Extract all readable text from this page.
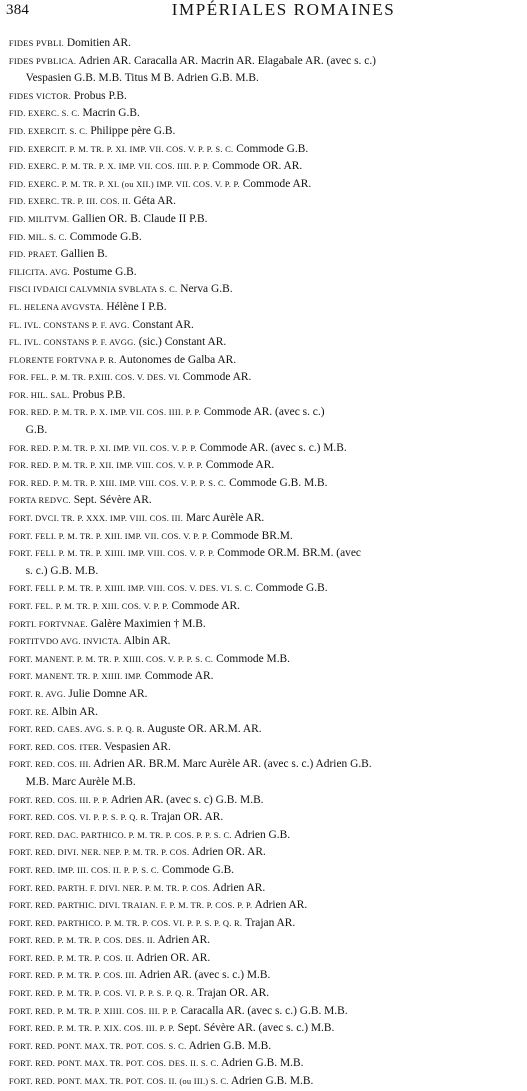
384	IMPÉRIALES ROMAINES
FIDES PVBLI. Domitien AR.
FIDES PVBLICA. Adrien AR. Caracalla AR. Macrin AR. Elagabale AR. (avec s. c.)
Vespasien G.B. M.B. Titus M B. Adrien G.B. M.B.
FIDES VICTOR. Probus P.B.
FID. EXERC. S. C. Macrin G.B.
FID. EXERCIT. S. C. Philippe père G.B.
FID. EXERCIT. P. M. TR. P. XI. IMP. VII. COS. V. P. P. S. C. Commode G.B.
FID. EXERC. P. M. TR. P. X. IMP. VII. COS. IIII. P. P. Commode OR. AR.
FID. EXERC. P. M. TR. P. XI. (ou XII.) IMP. VII. COS. V. P. P. Commode AR.
FID. EXERC. TR. P. III. COS. II. Géta AR.
FID. MILITVM. Gallien OR. B. Claude II P.B.
FID. MIL. S. C. Commode G.B.
FID. PRAET. Gallien B.
FILICITA. AVG. Postume G.B.
FISCI IVDAICI CALVMNIA SVBLATA S. C. Nerva G.B.
FL. HELENA AVGVSTA. Hélène I P.B.
FL. IVL. CONSTANS P. F. AVG. Constant AR.
FL. IVL. CONSTANS P. F. AVGG. (sic.) Constant AR.
FLORENTE FORTVNA P. R. Autonomes de Galba AR.
FOR. FEL. P. M. TR. P.XIII. COS. V. DES. VI. Commode AR.
FOR. HIL. SAL. Probus P.B.
FOR. RED. P. M. TR. P. X. IMP. VII. COS. IIII. P. P. Commode AR. (avec s. c.)
G.B.
FOR. RED. P. M. TR. P. XI. IMP. VII. COS. V. P. P. Commode AR. (avec s. c.) M.B.
FOR. RED. P. M. TR. P. XII. IMP. VIII. COS. V. P. P. Commode AR.
FOR. RED. P. M. TR. P. XIII. IMP. VIII. COS. V. P. P. S. C. Commode G.B. M.B.
FORTA REDVC. Sept. Sévère AR.
FORT. DVCI. TR. P. XXX. IMP. VIII. COS. III. Marc Aurèle AR.
FORT. FELI. P. M. TR. P. XIII. IMP. VII. COS. V. P. P. Commode BR.M.
FORT. FELI. P. M. TR. P. XIIII. IMP. VIII. COS. V. P. P. Commode OR.M. BR.M. (avec
s. c.) G.B. M.B.
FORT. FELI. P. M. TR. P. XIIII. IMP. VIII. COS. V. DES. VI. S. C. Commode G.B.
FORT. FEL. P. M. TR. P. XIII. COS. V. P. P. Commode AR.
FORTI. FORTVNAE. Galère Maximien † M.B.
FORTITVDO AVG. INVICTA. Albin AR.
FORT. MANENT. P. M. TR. P. XIIII. COS. V. P. P. S. C. Commode M.B.
FORT. MANENT. TR. P. XIIII. IMP. Commode AR.
FORT. R. AVG. Julie Domne AR.
FORT. RE. Albin AR.
FORT. RED. CAES. AVG. S. P. Q. R. Auguste OR. AR.M. AR.
FORT. RED. COS. ITER. Vespasien AR.
FORT. RED. COS. III. Adrien AR. BR.M. Marc Aurèle AR. (avec s. c.) Adrien G.B.
M.B. Marc Aurèle M.B.
FORT. RED. COS. III. P. P. Adrien AR. (avec s. c) G.B. M.B.
FORT. RED. COS. VI. P. P. S. P. Q. R. Trajan OR. AR.
FORT. RED. DAC. PARTHICO. P. M. TR. P. COS. P. P. S. C. Adrien G.B.
FORT. RED. DIVI. NER. NEP. P. M. TR. P. COS. Adrien OR. AR.
FORT. RED. IMP. III. COS. II. P. P. S. C. Commode G.B.
FORT. RED. PARTH. F. DIVI. NER. P. M. TR. P. COS. Adrien AR.
FORT. RED. PARTHIC. DIVI. TRAIAN. F. P. M. TR. P. COS. P. P. Adrien AR.
FORT. RED. PARTHICO. P. M. TR. P. COS. VI. P. P. S. P. Q. R. Trajan AR.
FORT. RED. P. M. TR. P. COS. DES. II. Adrien AR.
FORT. RED. P. M. TR. P. COS. II. Adrien OR. AR.
FORT. RED. P. M. TR. P. COS. III. Adrien AR. (avec s. c.) M.B.
FORT. RED. P. M. TR. P. COS. VI. P. P. S. P. Q. R. Trajan OR. AR.
FORT. RED. P. M. TR. P. XIIII. COS. III. P. P. Caracalla AR. (avec s. c.) G.B. M.B.
FORT. RED. P. M. TR. P. XIX. COS. III. P. P. Sept. Sévère AR. (avec s. c.) M.B.
FORT. RED. PONT. MAX. TR. POT. COS. S. C. Adrien G.B. M.B.
FORT. RED. PONT. MAX. TR. POT. COS. DES. II. S. C. Adrien G.B. M.B.
FORT. RED. PONT. MAX. TR. POT. COS. II. (ou III.) S. C. Adrien G.B. M.B.
